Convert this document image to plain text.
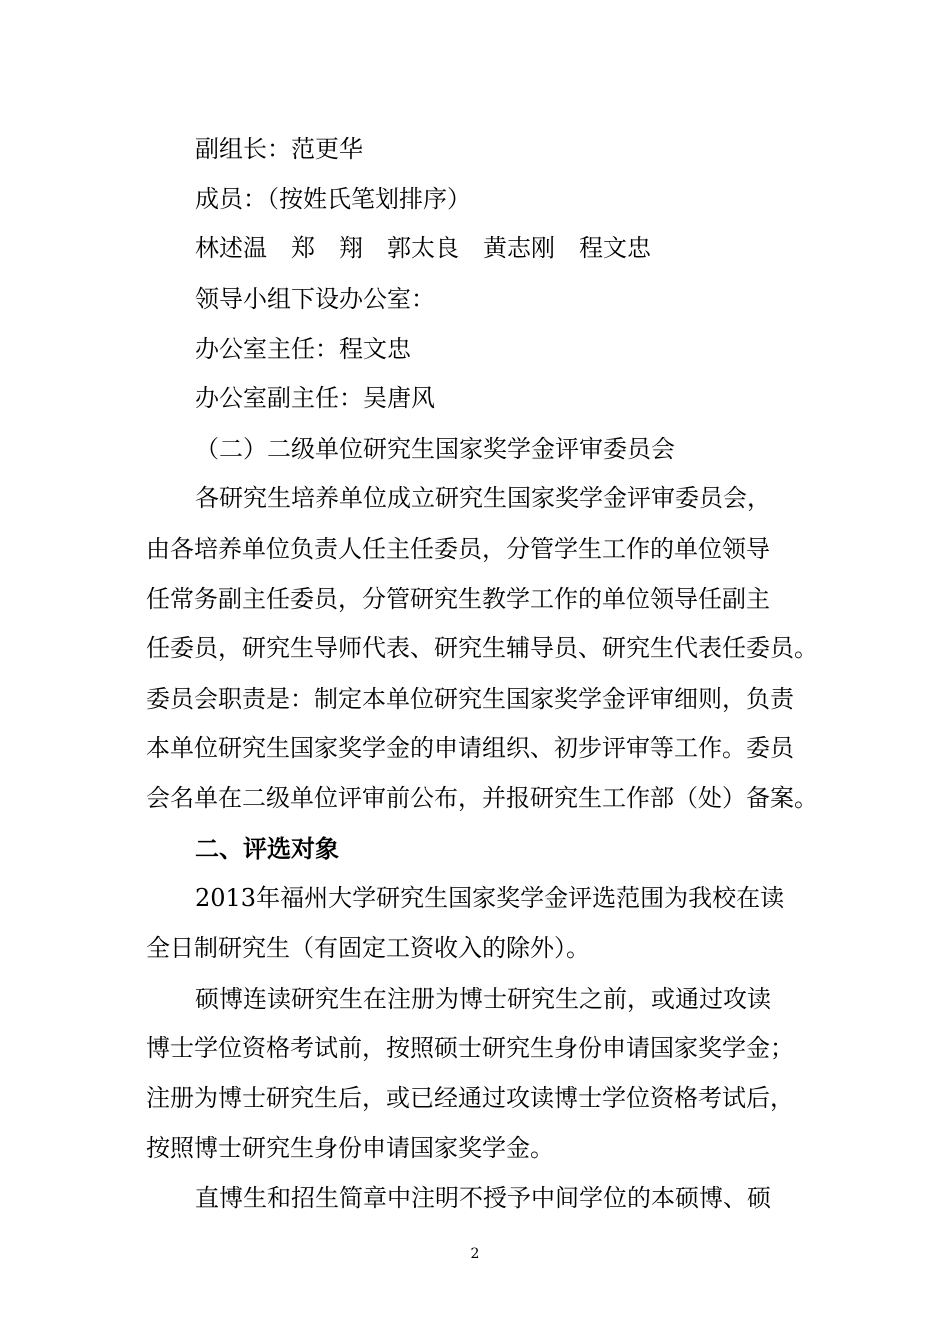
副组长：范更华

成员：（按姓氏笔划排序）

林述温　郑　翔　郭太良　黄志刚　程文忠

领导小组下设办公室：

办公室主任：程文忠

办公室副主任：吴唐风

（二）二级单位研究生国家奖学金评审委员会

各研究生培养单位成立研究生国家奖学金评审委员会，

由各培养单位负责人任主任委员，分管学生工作的单位领导

任常务副主任委员，分管研究生教学工作的单位领导任副主

任委员，研究生导师代表、研究生辅导员、研究生代表任委员。

委员会职责是：制定本单位研究生国家奖学金评审细则，负责

本单位研究生国家奖学金的申请组织、初步评审等工作。委员

会名单在二级单位评审前公布，并报研究生工作部（处）备案。

二、评选对象

2013年福州大学研究生国家奖学金评选范围为我校在读

全日制研究生（有固定工资收入的除外）。

硕博连读研究生在注册为博士研究生之前，或通过攻读

博士学位资格考试前，按照硕士研究生身份申请国家奖学金；

注册为博士研究生后，或已经通过攻读博士学位资格考试后，

按照博士研究生身份申请国家奖学金。

直博生和招生简章中注明不授予中间学位的本硕博、硕

2
